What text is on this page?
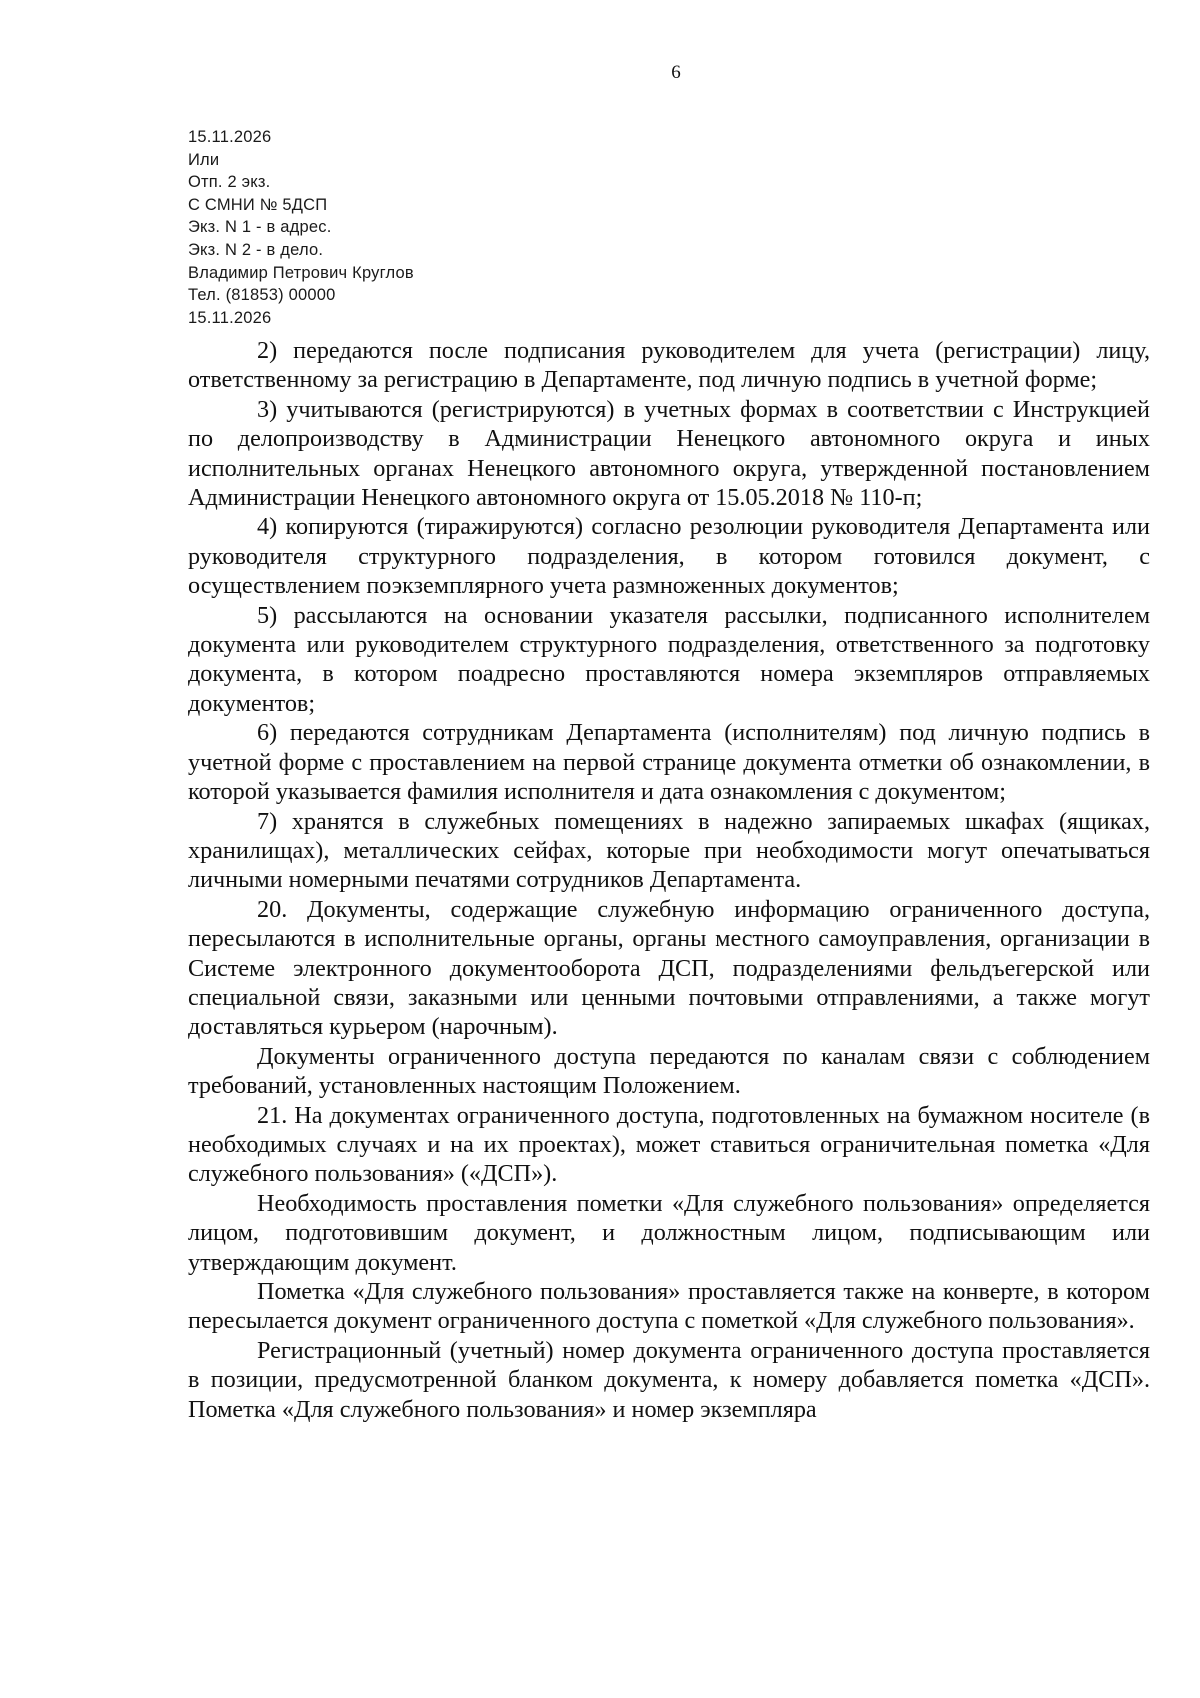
6
15.11.2026
Или
Отп. 2 экз.
С СМНИ № 5ДСП
Экз. N 1 - в адрес.
Экз. N 2 - в дело.
Владимир Петрович Круглов
Тел. (81853) 00000
15.11.2026

2) передаются после подписания руководителем для учета (регистрации) лицу, ответственному за регистрацию в Департаменте, под личную подпись в учетной форме;

3) учитываются (регистрируются) в учетных формах в соответствии с Инструкцией по делопроизводству в Администрации Ненецкого автономного округа и иных исполнительных органах Ненецкого автономного округа, утвержденной постановлением Администрации Ненецкого автономного округа от 15.05.2018 № 110-п;

4) копируются (тиражируются) согласно резолюции руководителя Департамента или руководителя структурного подразделения, в котором готовился документ, с осуществлением поэкземплярного учета размноженных документов;

5) рассылаются на основании указателя рассылки, подписанного исполнителем документа или руководителем структурного подразделения, ответственного за подготовку документа, в котором поадресно проставляются номера экземпляров отправляемых документов;

6) передаются сотрудникам Департамента (исполнителям) под личную подпись в учетной форме с проставлением на первой странице документа отметки об ознакомлении, в которой указывается фамилия исполнителя и дата ознакомления с документом;

7) хранятся в служебных помещениях в надежно запираемых шкафах (ящиках, хранилищах), металлических сейфах, которые при необходимости могут опечатываться личными номерными печатями сотрудников Департамента.

20. Документы, содержащие служебную информацию ограниченного доступа, пересылаются в исполнительные органы, органы местного самоуправления, организации в Системе электронного документооборота ДСП, подразделениями фельдъегерской или специальной связи, заказными или ценными почтовыми отправлениями, а также могут доставляться курьером (нарочным).

Документы ограниченного доступа передаются по каналам связи с соблюдением требований, установленных настоящим Положением.

21. На документах ограниченного доступа, подготовленных на бумажном носителе (в необходимых случаях и на их проектах), может ставиться ограничительная пометка «Для служебного пользования» («ДСП»).

Необходимость проставления пометки «Для служебного пользования» определяется лицом, подготовившим документ, и должностным лицом, подписывающим или утверждающим документ.

Пометка «Для служебного пользования» проставляется также на конверте, в котором пересылается документ ограниченного доступа с пометкой «Для служебного пользования».

Регистрационный (учетный) номер документа ограниченного доступа проставляется в позиции, предусмотренной бланком документа, к номеру добавляется пометка «ДСП». Пометка «Для служебного пользования» и номер экземпляра
